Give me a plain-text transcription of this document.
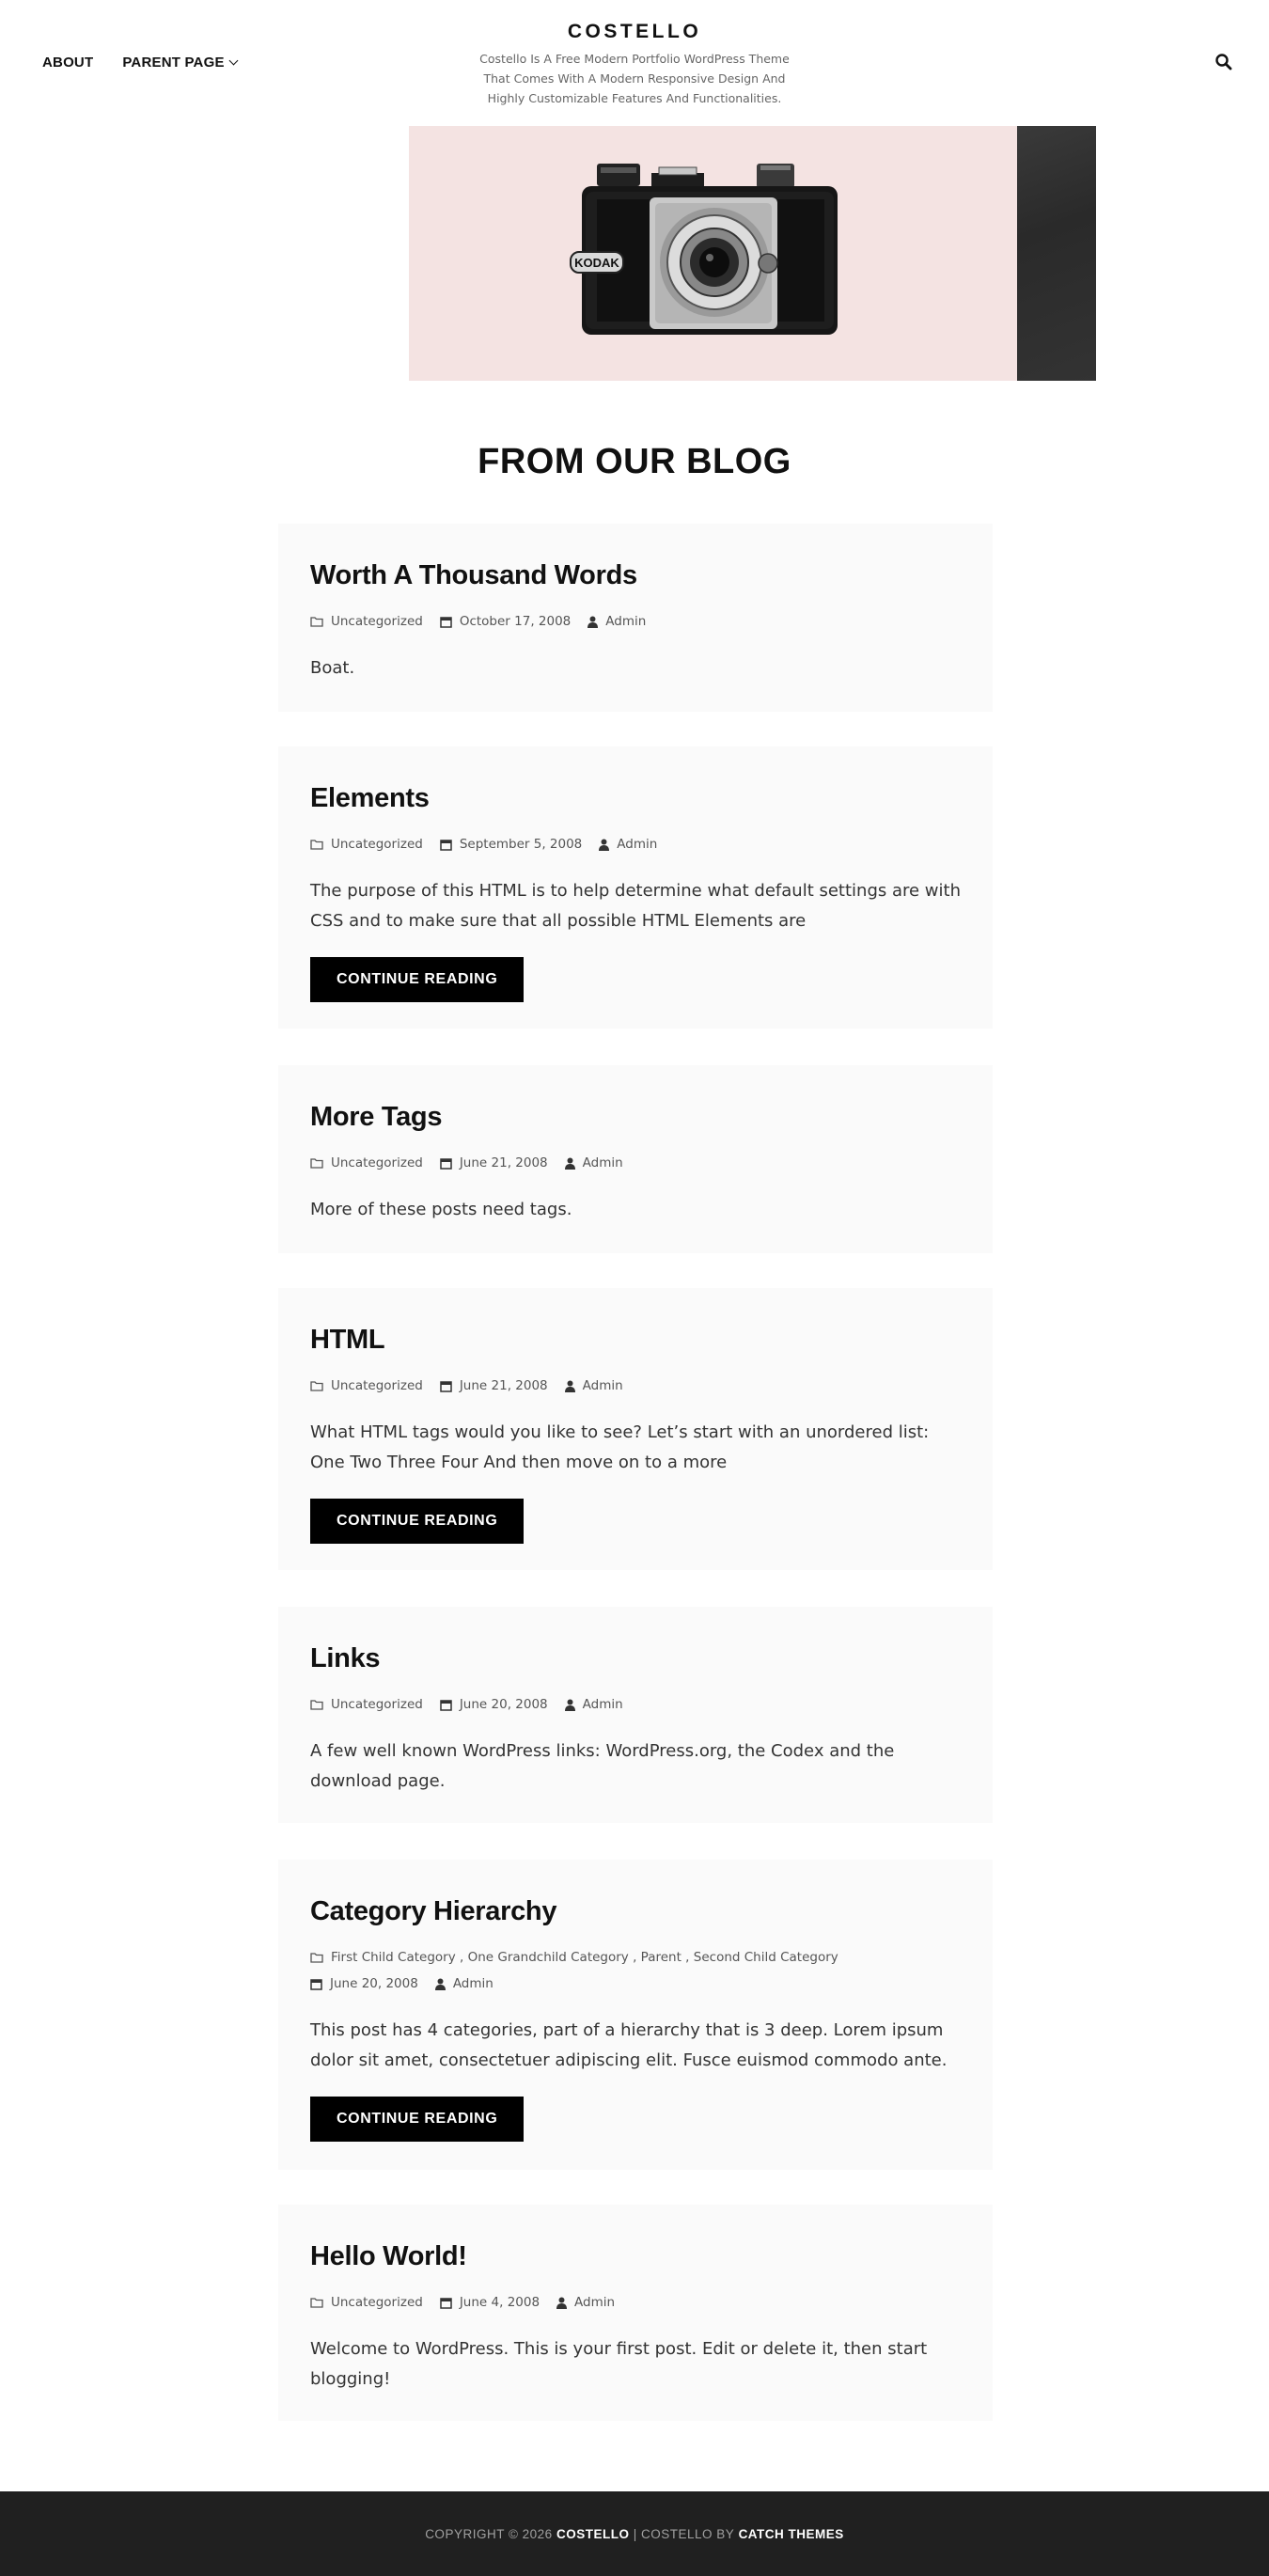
ABOUT PARENT PAGE
COSTELLO
Costello Is A Free Modern Portfolio WordPress Theme That Comes With A Modern Responsive Design And Highly Customizable Features And Functionalities.
KODAK
FROM OUR BLOG
Worth A Thousand Words
Uncategorized	October 17, 2008	Admin

Boat.

Elements
Uncategorized	September 5, 2008	Admin

The purpose of this HTML is to help determine what default settings are with CSS and to make sure that all possible HTML Elements are

CONTINUE READING
More Tags
Uncategorized	June 21, 2008	Admin

More of these posts need tags.

HTML
Uncategorized	June 21, 2008	Admin

What HTML tags would you like to see? Let’s start with an unordered list: One Two Three Four And then move on to a more

CONTINUE READING
Links
Uncategorized	June 20, 2008	Admin

A few well known WordPress links: WordPress.org, the Codex and the download page.

Category Hierarchy
First Child Category , One Grandchild Category , Parent , Second Child Category
June 20, 2008	Admin

This post has 4 categories, part of a hierarchy that is 3 deep. Lorem ipsum dolor sit amet, consectetuer adipiscing elit. Fusce euismod commodo ante.

CONTINUE READING
Hello World!
Uncategorized	June 4, 2008	Admin

Welcome to WordPress. This is your first post. Edit or delete it, then start blogging!

COPYRIGHT © 2026
COSTELLO
|
COSTELLO BY
CATCH THEMES
